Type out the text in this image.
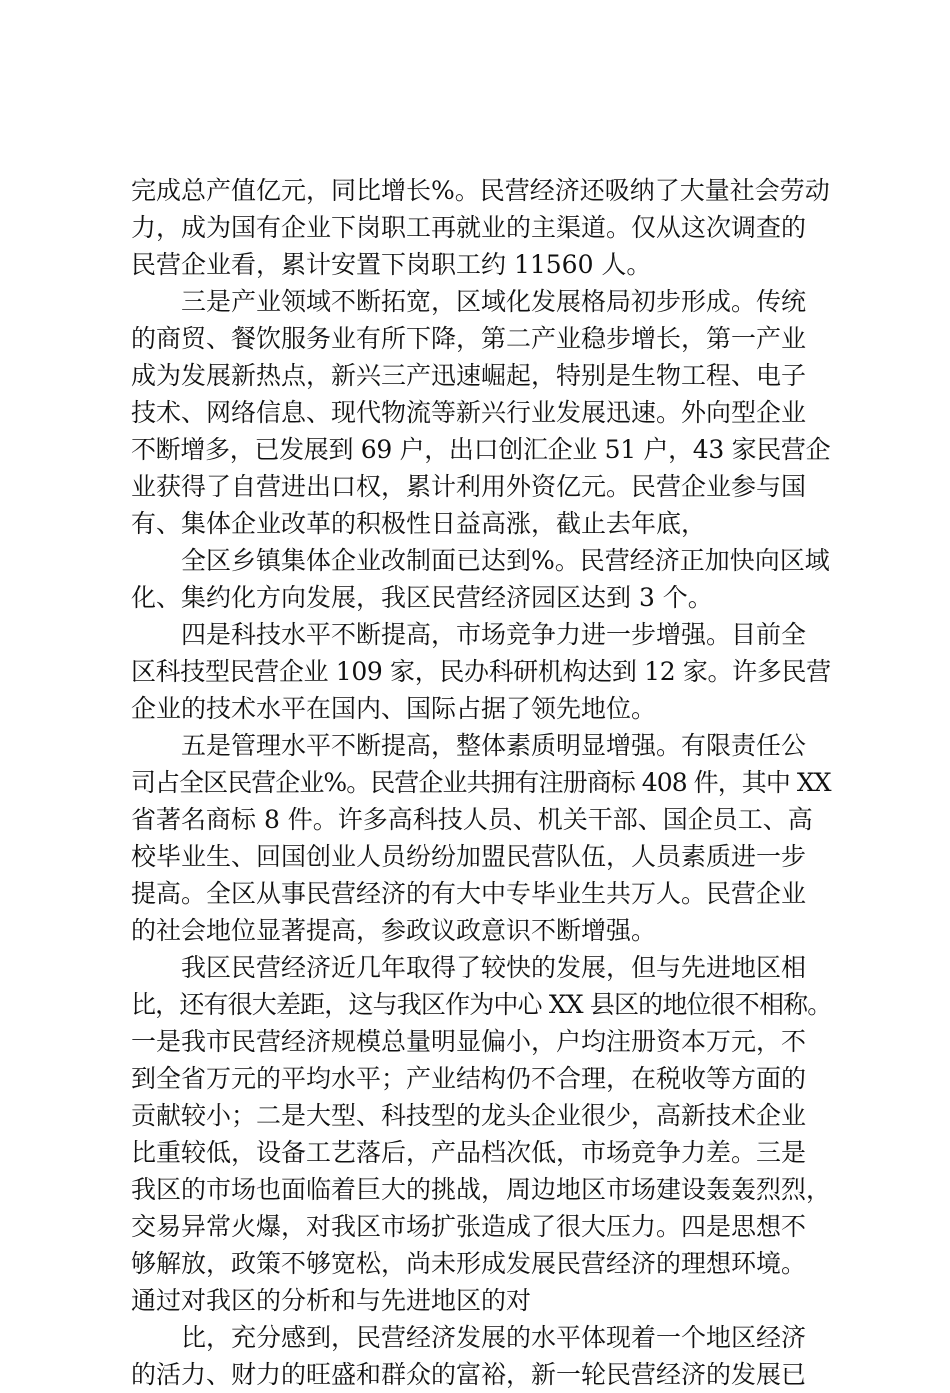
完成总产值亿元，同比增长%。民营经济还吸纳了大量社会劳动
力，成为国有企业下岗职工再就业的主渠道。仅从这次调查的
民营企业看，累计安置下岗职工约 11560 人。
三是产业领域不断拓宽，区域化发展格局初步形成。传统
的商贸、餐饮服务业有所下降，第二产业稳步增长，第一产业
成为发展新热点，新兴三产迅速崛起，特别是生物工程、电子
技术、网络信息、现代物流等新兴行业发展迅速。外向型企业
不断增多，已发展到 69 户，出口创汇企业 51 户，43 家民营企
业获得了自营进出口权，累计利用外资亿元。民营企业参与国
有、集体企业改革的积极性日益高涨，截止去年底，
全区乡镇集体企业改制面已达到%。民营经济正加快向区域
化、集约化方向发展，我区民营经济园区达到 3 个。
四是科技水平不断提高，市场竞争力进一步增强。目前全
区科技型民营企业 109 家，民办科研机构达到 12 家。许多民营
企业的技术水平在国内、国际占据了领先地位。
五是管理水平不断提高，整体素质明显增强。有限责任公
司占全区民营企业%。民营企业共拥有注册商标 408 件，其中 XX
省著名商标 8 件。许多高科技人员、机关干部、国企员工、高
校毕业生、回国创业人员纷纷加盟民营队伍，人员素质进一步
提高。全区从事民营经济的有大中专毕业生共万人。民营企业
的社会地位显著提高，参政议政意识不断增强。
我区民营经济近几年取得了较快的发展，但与先进地区相
比，还有很大差距，这与我区作为中心 XX 县区的地位很不相称。
一是我市民营经济规模总量明显偏小，户均注册资本万元，不
到全省万元的平均水平；产业结构仍不合理，在税收等方面的
贡献较小；二是大型、科技型的龙头企业很少，高新技术企业
比重较低，设备工艺落后，产品档次低，市场竞争力差。三是
我区的市场也面临着巨大的挑战，周边地区市场建设轰轰烈烈，
交易异常火爆，对我区市场扩张造成了很大压力。四是思想不
够解放，政策不够宽松，尚未形成发展民营经济的理想环境。
通过对我区的分析和与先进地区的对
比，充分感到，民营经济发展的水平体现着一个地区经济
的活力、财力的旺盛和群众的富裕，新一轮民营经济的发展已
